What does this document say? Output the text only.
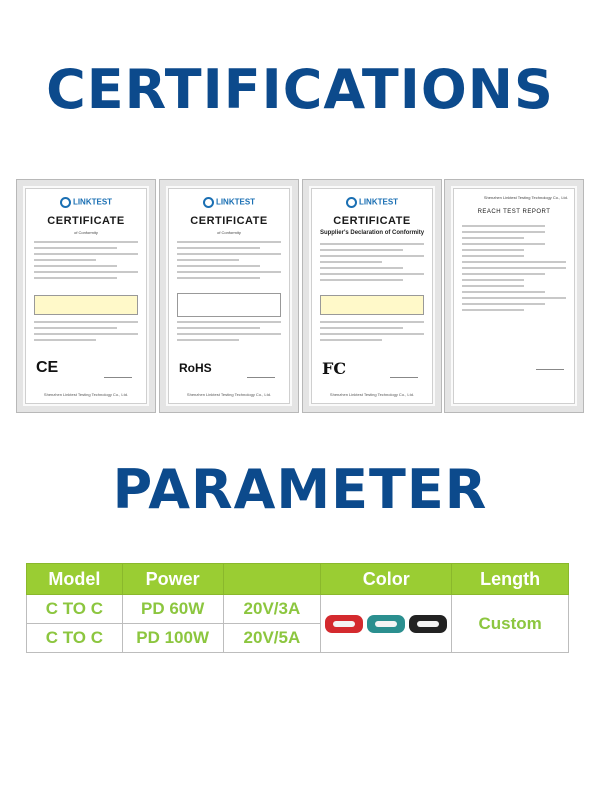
CERTIFICATIONS
LINKTEST
CERTIFICATE
of Conformity
CE
Shenzhen Linktest Testing Technology Co., Ltd.
LINKTEST
CERTIFICATE
of Conformity
RoHS
Shenzhen Linktest Testing Technology Co., Ltd.
LINKTEST
CERTIFICATE
Supplier's Declaration of Conformity
FC
Shenzhen Linktest Testing Technology Co., Ltd.
Shenzhen Linktest Testing Technology Co., Ltd.
REACH TEST REPORT
PARAMETER
Model	Power		Color	Length
C TO C	PD 60W	20V/3A		Custom
C TO C	PD 100W	20V/5A		
